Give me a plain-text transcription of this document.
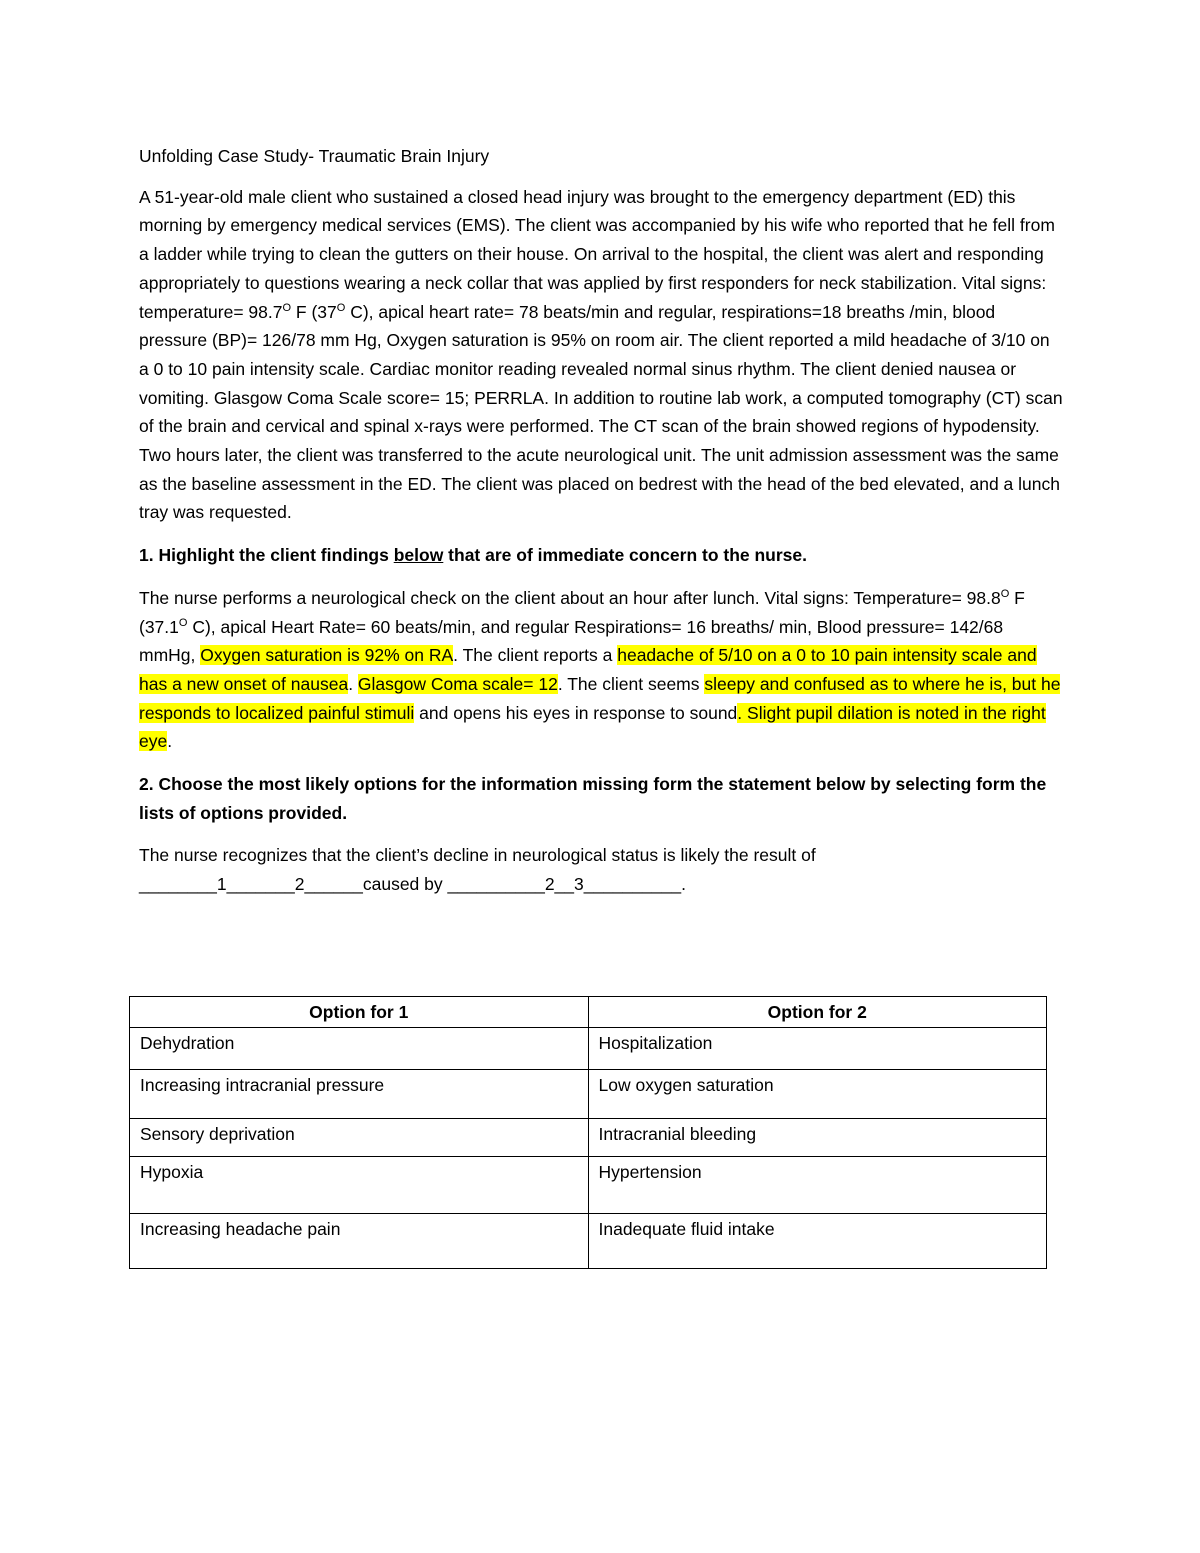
Unfolding Case Study- Traumatic Brain Injury

A 51-year-old male client who sustained a closed head injury was brought to the emergency department (ED) this morning by emergency medical services (EMS). The client was accompanied by his wife who reported that he fell from a ladder while trying to clean the gutters on their house. On arrival to the hospital, the client was alert and responding appropriately to questions wearing a neck collar that was applied by first responders for neck stabilization. Vital signs: temperature= $98.7^O$ F ($37^O$ C), apical heart rate= 78 beats/min and regular, respirations=18 breaths /min, blood pressure (BP)= 126/78 mm Hg, Oxygen saturation is 95% on room air. The client reported a mild headache of 3/10 on a 0 to 10 pain intensity scale. Cardiac monitor reading revealed normal sinus rhythm. The client denied nausea or vomiting. Glasgow Coma Scale score= 15; PERRLA. In addition to routine lab work, a computed tomography (CT) scan of the brain and cervical and spinal x-rays were performed. The CT scan of the brain showed regions of hypodensity. Two hours later, the client was transferred to the acute neurological unit. The unit admission assessment was the same as the baseline assessment in the ED. The client was placed on bedrest with the head of the bed elevated, and a lunch tray was requested.

1. Highlight the client findings below that are of immediate concern to the nurse.

The nurse performs a neurological check on the client about an hour after lunch. Vital signs: Temperature= $98.8^O$ F ($37.1^O$ C), apical Heart Rate= 60 beats/min, and regular Respirations= 16 breaths/ min, Blood pressure= 142/68 mmHg, Oxygen saturation is 92% on RA. The client reports a headache of 5/10 on a 0 to 10 pain intensity scale and has a new onset of nausea. Glasgow Coma scale= 12. The client seems sleepy and confused as to where he is, but he responds to localized painful stimuli and opens his eyes in response to sound. Slight pupil dilation is noted in the right eye.

2. Choose the most likely options for the information missing form the statement below by selecting form the lists of options provided.

The nurse recognizes that the client’s decline in neurological status is likely the result of

________1_______2______caused by __________2__3__________.

Option for 1	Option for 2
Dehydration	Hospitalization
Increasing intracranial pressure	Low oxygen saturation
Sensory deprivation	Intracranial bleeding
Hypoxia	Hypertension
Increasing headache pain	Inadequate fluid intake
